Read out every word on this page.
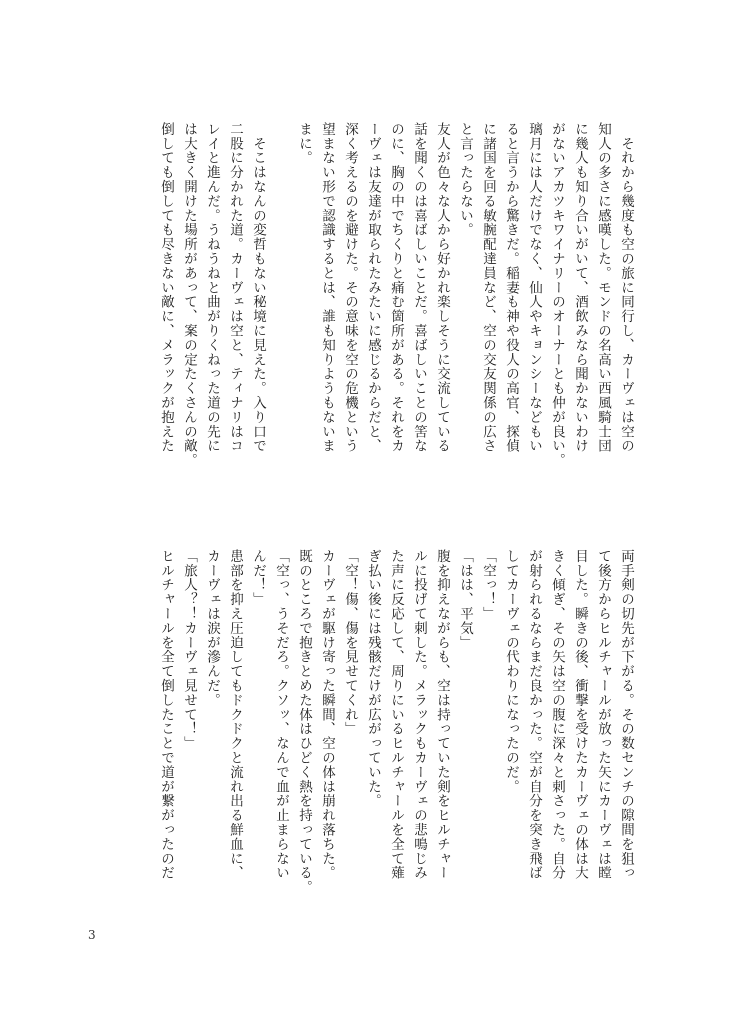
　それから幾度も空の旅に同行し、カーヴェは空の
知人の多さに感嘆した。モンドの名高い西風騎士団
に幾人も知り合いがいて、酒飲みなら聞かないわけ
がないアカツキワイナリーのオーナーとも仲が良い。
璃月には人だけでなく、仙人やキョンシーなどもい
ると言うから驚きだ。稲妻も神や役人の高官、探偵
に諸国を回る敏腕配達員など、空の交友関係の広さ
と言ったらない。
友人が色々な人から好かれ楽しそうに交流している
話を聞くのは喜ばしいことだ。喜ばしいことの筈な
のに、胸の中でちくりと痛む箇所がある。それをカ
ーヴェは友達が取られたみたいに感じるからだと、
深く考えるのを避けた。その意味を空の危機という
望まない形で認識するとは、誰も知りようもないま
まに。
　そこはなんの変哲もない秘境に見えた。入り口で
二股に分かれた道。カーヴェは空と、ティナリはコ
レイと進んだ。うねうねと曲がりくねった道の先に
は大きく開けた場所があって、案の定たくさんの敵。
倒しても倒しても尽きない敵に、メラックが抱えた
両手剣の切先が下がる。その数センチの隙間を狙っ
て後方からヒルチャールが放った矢にカーヴェは瞠
目した。瞬きの後、衝撃を受けたカーヴェの体は大
きく傾ぎ、その矢は空の腹に深々と刺さった。自分
が射られるならまだ良かった。空が自分を突き飛ば
してカーヴェの代わりになったのだ。
「空っ！」
「はは、平気」
腹を抑えながらも、空は持っていた剣をヒルチャー
ルに投げて刺した。メラックもカーヴェの悲鳴じみ
た声に反応して、周りにいるヒルチャールを全て薙
ぎ払い後には残骸だけが広がっていた。
「空！傷、傷を見せてくれ」
カーヴェが駆け寄った瞬間、空の体は崩れ落ちた。
既のところで抱きとめた体はひどく熱を持っている。
「空っ、うそだろ。クソッ、なんで血が止まらない
んだ！」
患部を抑え圧迫してもドクドクと流れ出る鮮血に、
カーヴェは涙が滲んだ。
「旅人？！カーヴェ見せて！」
ヒルチャールを全て倒したことで道が繋がったのだ
3
